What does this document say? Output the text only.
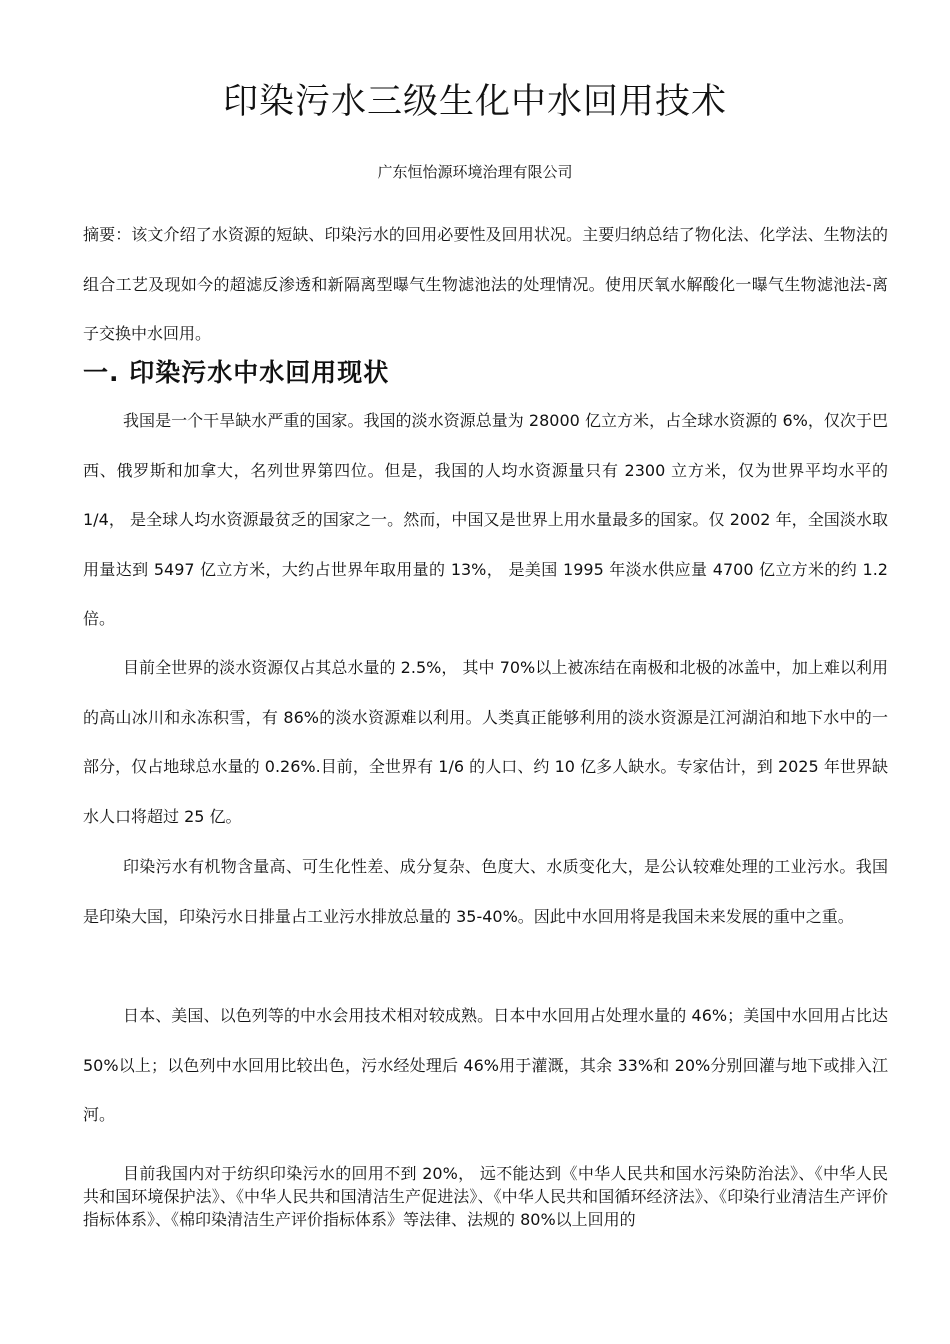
印染污水三级生化中水回用技术

广东恒怡源环境治理有限公司

摘要：该文介绍了水资源的短缺、印染污水的回用必要性及回用状况。主要归纳总结了物化法、化学法、生物法的组合工艺及现如今的超滤反渗透和新隔离型曝气生物滤池法的处理情况。使用厌氧水解酸化一曝气生物滤池法-离子交换中水回用。

一. 印染污水中水回用现状

我国是一个干旱缺水严重的国家。我国的淡水资源总量为 28000 亿立方米，占全球水资源的 6%，仅次于巴西、俄罗斯和加拿大，名列世界第四位。但是，我国的人均水资源量只有 2300 立方米，仅为世界平均水平的 1/4， 是全球人均水资源最贫乏的国家之一。然而，中国又是世界上用水量最多的国家。仅 2002 年，全国淡水取用量达到 5497 亿立方米，大约占世界年取用量的 13%， 是美国 1995 年淡水供应量 4700 亿立方米的约 1.2 倍。

目前全世界的淡水资源仅占其总水量的 2.5%， 其中 70%以上被冻结在南极和北极的冰盖中，加上难以利用的高山冰川和永冻积雪，有 86%的淡水资源难以利用。人类真正能够利用的淡水资源是江河湖泊和地下水中的一部分，仅占地球总水量的 0.26%.目前，全世界有 1/6 的人口、约 10 亿多人缺水。专家估计，到 2025 年世界缺水人口将超过 25 亿。

印染污水有机物含量高、可生化性差、成分复杂、色度大、水质变化大，是公认较难处理的工业污水。我国是印染大国，印染污水日排量占工业污水排放总量的 35-40%。因此中水回用将是我国未来发展的重中之重。

日本、美国、以色列等的中水会用技术相对较成熟。日本中水回用占处理水量的 46%；美国中水回用占比达 50%以上；以色列中水回用比较出色，污水经处理后 46%用于灌溉，其余 33%和 20%分别回灌与地下或排入江河。

目前我国内对于纺织印染污水的回用不到 20%， 远不能达到《中华人民共和国水污染防治法》、《中华人民共和国环境保护法》、《中华人民共和国清洁生产促进法》、《中华人民共和国循环经济法》、《印染行业清洁生产评价指标体系》、《棉印染清洁生产评价指标体系》等法律、法规的 80%以上回用的
